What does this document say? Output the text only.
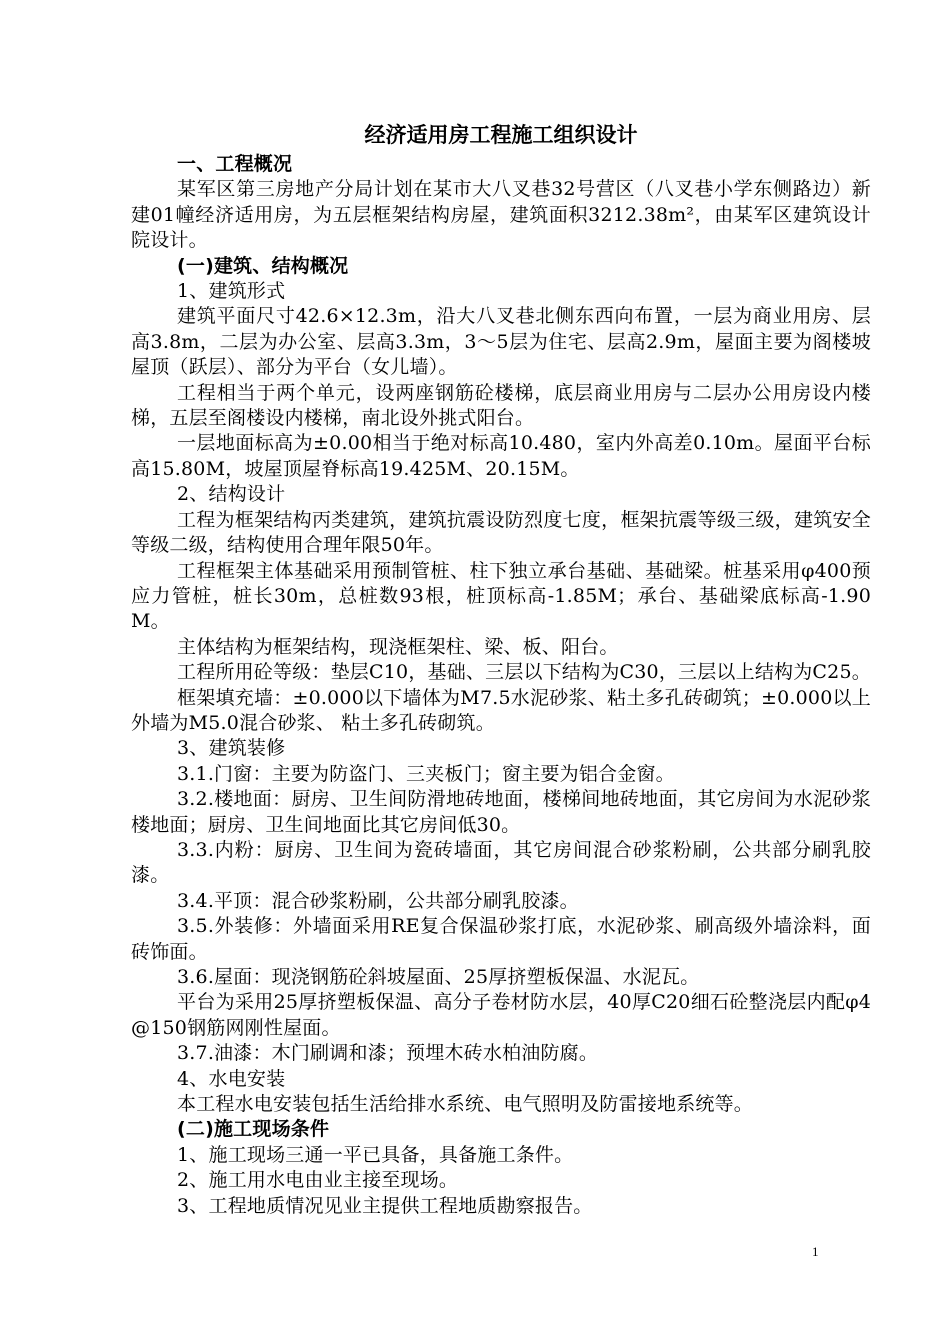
经济适用房工程施工组织设计

一、工程概况

某军区第三房地产分局计划在某市大八叉巷32号营区（八叉巷小学东侧路边）新建01幢经济适用房，为五层框架结构房屋，建筑面积3212.38m²，由某军区建筑设计院设计。

(一)建筑、结构概况

1、建筑形式

建筑平面尺寸42.6×12.3m，沿大八叉巷北侧东西向布置，一层为商业用房、层高3.8m，二层为办公室、层高3.3m，3～5层为住宅、层高2.9m，屋面主要为阁楼坡屋顶（跃层）、部分为平台（女儿墙）。

工程相当于两个单元，设两座钢筋砼楼梯，底层商业用房与二层办公用房设内楼梯，五层至阁楼设内楼梯，南北设外挑式阳台。

一层地面标高为±0.00相当于绝对标高10.480，室内外高差0.10m。屋面平台标高15.80M，坡屋顶屋脊标高19.425M、20.15M。

2、结构设计

工程为框架结构丙类建筑，建筑抗震设防烈度七度，框架抗震等级三级，建筑安全等级二级，结构使用合理年限50年。

工程框架主体基础采用预制管桩、柱下独立承台基础、基础梁。桩基采用φ400预应力管桩，桩长30m，总桩数93根，桩顶标高-1.85M；承台、基础梁底标高-1.90M。

主体结构为框架结构，现浇框架柱、梁、板、阳台。

工程所用砼等级：垫层C10，基础、三层以下结构为C30，三层以上结构为C25。

框架填充墙：±0.000以下墙体为M7.5水泥砂浆、粘土多孔砖砌筑；±0.000以上外墙为M5.0混合砂浆、 粘土多孔砖砌筑。

3、建筑装修

3.1.门窗：主要为防盗门、三夹板门；窗主要为铝合金窗。

3.2.楼地面：厨房、卫生间防滑地砖地面，楼梯间地砖地面，其它房间为水泥砂浆楼地面；厨房、卫生间地面比其它房间低30。

3.3.内粉：厨房、卫生间为瓷砖墙面，其它房间混合砂浆粉刷，公共部分刷乳胶漆。

3.4.平顶：混合砂浆粉刷，公共部分刷乳胶漆。

3.5.外装修：外墙面采用RE复合保温砂浆打底，水泥砂浆、刷高级外墙涂料，面砖饰面。

3.6.屋面：现浇钢筋砼斜坡屋面、25厚挤塑板保温、水泥瓦。

平台为采用25厚挤塑板保温、高分子卷材防水层，40厚C20细石砼整浇层内配φ4@150钢筋网刚性屋面。

3.7.油漆：木门刷调和漆；预埋木砖水柏油防腐。

4、水电安装

本工程水电安装包括生活给排水系统、电气照明及防雷接地系统等。

(二)施工现场条件

1、施工现场三通一平已具备，具备施工条件。

2、施工用水电由业主接至现场。

3、工程地质情况见业主提供工程地质勘察报告。

1
